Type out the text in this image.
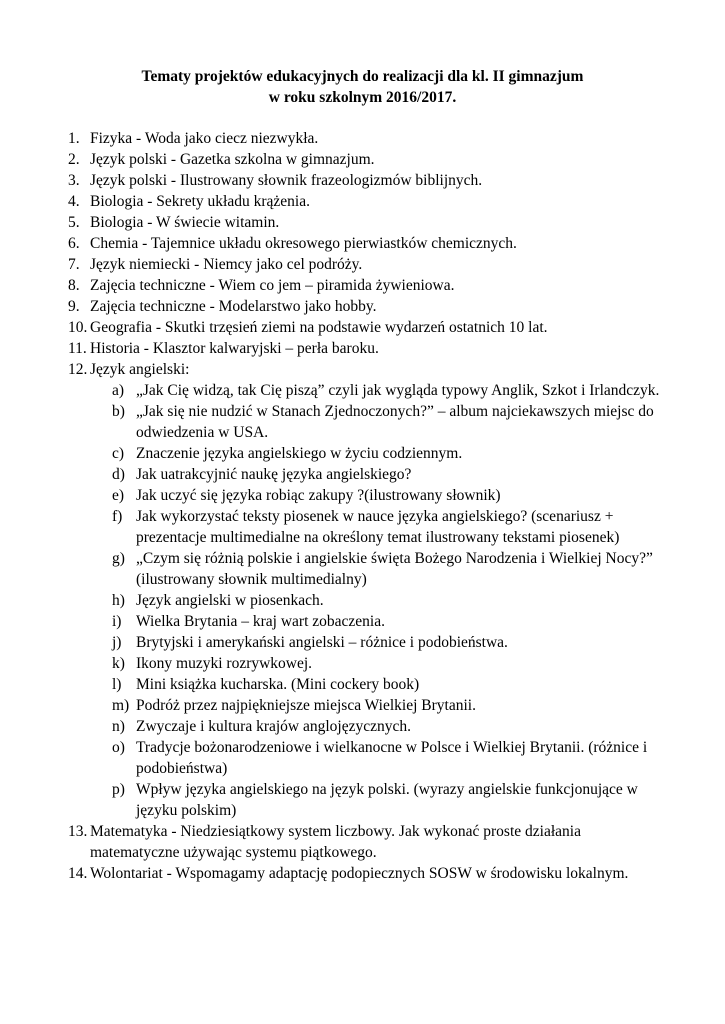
Tematy projektów edukacyjnych do realizacji dla kl. II gimnazjum
w roku szkolnym 2016/2017.
1. Fizyka - Woda jako ciecz niezwykła.
2. Język polski - Gazetka szkolna w gimnazjum.
3. Język polski - Ilustrowany słownik frazeologizmów biblijnych.
4. Biologia - Sekrety układu krążenia.
5. Biologia - W świecie witamin.
6. Chemia - Tajemnice układu okresowego pierwiastków chemicznych.
7. Język niemiecki - Niemcy jako cel podróży.
8. Zajęcia techniczne - Wiem co jem – piramida żywieniowa.
9. Zajęcia techniczne - Modelarstwo jako hobby.
10. Geografia - Skutki trzęsień ziemi na podstawie wydarzeń ostatnich 10 lat.
11. Historia - Klasztor kalwaryjski – perła baroku.
12. Język angielski:
a) „Jak Cię widzą, tak Cię piszą” czyli jak wygląda typowy Anglik, Szkot i Irlandczyk.
b) „Jak się nie nudzić w Stanach Zjednoczonych?” – album najciekawszych miejsc do odwiedzenia w USA.
c) Znaczenie języka angielskiego w życiu codziennym.
d) Jak uatrakcyjnić naukę języka angielskiego?
e) Jak uczyć się języka robiąc zakupy ?(ilustrowany słownik)
f) Jak wykorzystać teksty piosenek w nauce języka angielskiego? (scenariusz + prezentacje multimedialne na określony temat ilustrowany tekstami piosenek)
g) „Czym się różnią polskie i angielskie święta Bożego Narodzenia i Wielkiej Nocy?” (ilustrowany słownik multimedialny)
h) Język angielski w piosenkach.
i) Wielka Brytania – kraj wart zobaczenia.
j) Brytyjski i amerykański angielski – różnice i podobieństwa.
k) Ikony muzyki rozrywkowej.
l) Mini książka kucharska. (Mini cockery book)
m) Podróż przez najpiękniejsze miejsca Wielkiej Brytanii.
n) Zwyczaje i kultura krajów anglojęzycznych.
o) Tradycje bożonarodzeniowe i wielkanocne w Polsce i Wielkiej Brytanii. (różnice i podobieństwa)
p) Wpływ języka angielskiego na język polski. (wyrazy angielskie funkcjonujące w języku polskim)
13. Matematyka - Niedziesiątkowy system liczbowy. Jak wykonać proste działania matematyczne używając systemu piątkowego.
14. Wolontariat - Wspomagamy adaptację podopiecznych SOSW w środowisku lokalnym.
